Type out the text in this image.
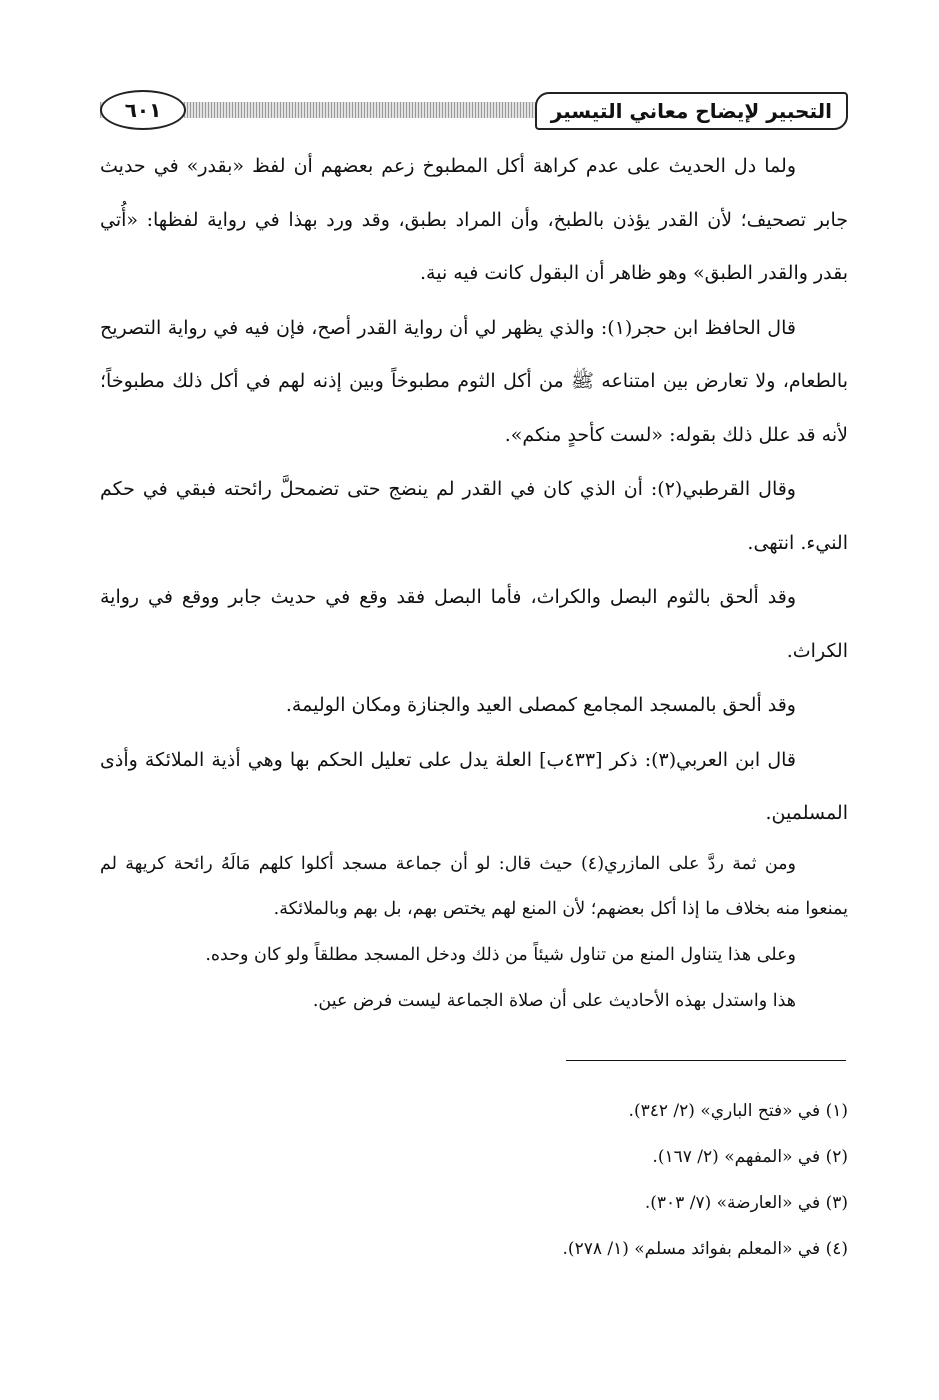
التحبير لإيضاح معاني التيسير
٦٠١

ولما دل الحديث على عدم كراهة أكل المطبوخ زعم بعضهم أن لفظ «بقدر» في حديث جابر تصحيف؛ لأن القدر يؤذن بالطبخ، وأن المراد بطبق، وقد ورد بهذا في رواية لفظها: «أُتي بقدر والقدر الطبق» وهو ظاهر أن البقول كانت فيه نية.

قال الحافظ ابن حجر(١): والذي يظهر لي أن رواية القدر أصح، فإن فيه في رواية التصريح بالطعام، ولا تعارض بين امتناعه ﷺ من أكل الثوم مطبوخاً وبين إذنه لهم في أكل ذلك مطبوخاً؛ لأنه قد علل ذلك بقوله: «لست كأحدٍ منكم».

وقال القرطبي(٢): أن الذي كان في القدر لم ينضج حتى تضمحلَّ رائحته فبقي في حكم النيء. انتهى.

وقد ألحق بالثوم البصل والكراث، فأما البصل فقد وقع في حديث جابر ووقع في رواية الكراث.

وقد ألحق بالمسجد المجامع كمصلى العيد والجنازة ومكان الوليمة.

قال ابن العربي(٣): ذكر [٤٣٣ب] العلة يدل على تعليل الحكم بها وهي أذية الملائكة وأذى المسلمين.

ومن ثمة ردَّ على المازري(٤) حيث قال: لو أن جماعة مسجد أكلوا كلهم مَالَهُ رائحة كريهة لم يمنعوا منه بخلاف ما إذا أكل بعضهم؛ لأن المنع لهم يختص بهم، بل بهم وبالملائكة.

وعلى هذا يتناول المنع من تناول شيئاً من ذلك ودخل المسجد مطلقاً ولو كان وحده.

هذا واستدل بهذه الأحاديث على أن صلاة الجماعة ليست فرض عين.

(١) في «فتح الباري» (٢/ ٣٤٢).

(٢) في «المفهم» (٢/ ١٦٧).

(٣) في «العارضة» (٧/ ٣٠٣).

(٤) في «المعلم بفوائد مسلم» (١/ ٢٧٨).
